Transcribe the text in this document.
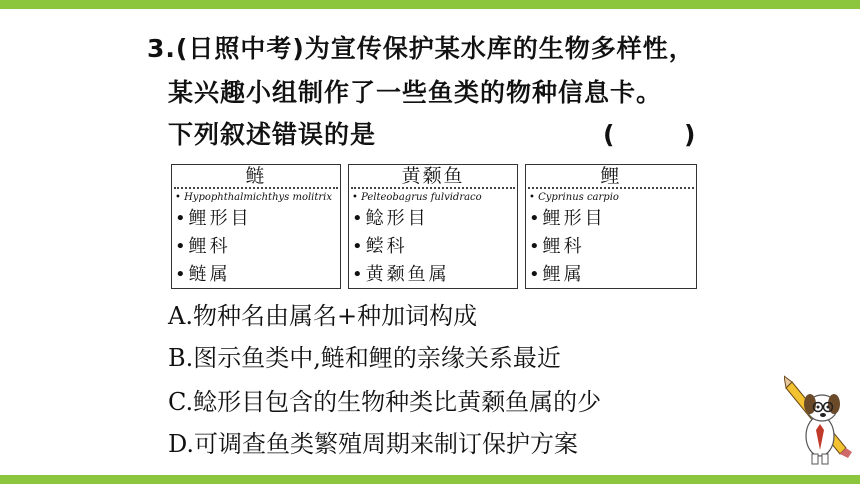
3.(日照中考)为宣传保护某水库的生物多样性，
某兴趣小组制作了一些鱼类的物种信息卡。
下列叙述错误的是	(	)
鲢
• Hypophthalmichthys molitrix
•鲤形目
•鲤科
•鲢属
黄颡鱼
• Pelteobagrus fulvidraco
•鲶形目
•鲿科
•黄颡鱼属
鲤
• Cyprinus carpio
•鲤形目
•鲤科
•鲤属
A.物种名由属名+种加词构成
B.图示鱼类中,鲢和鲤的亲缘关系最近
C.鲶形目包含的生物种类比黄颡鱼属的少
D.可调查鱼类繁殖周期来制订保护方案
